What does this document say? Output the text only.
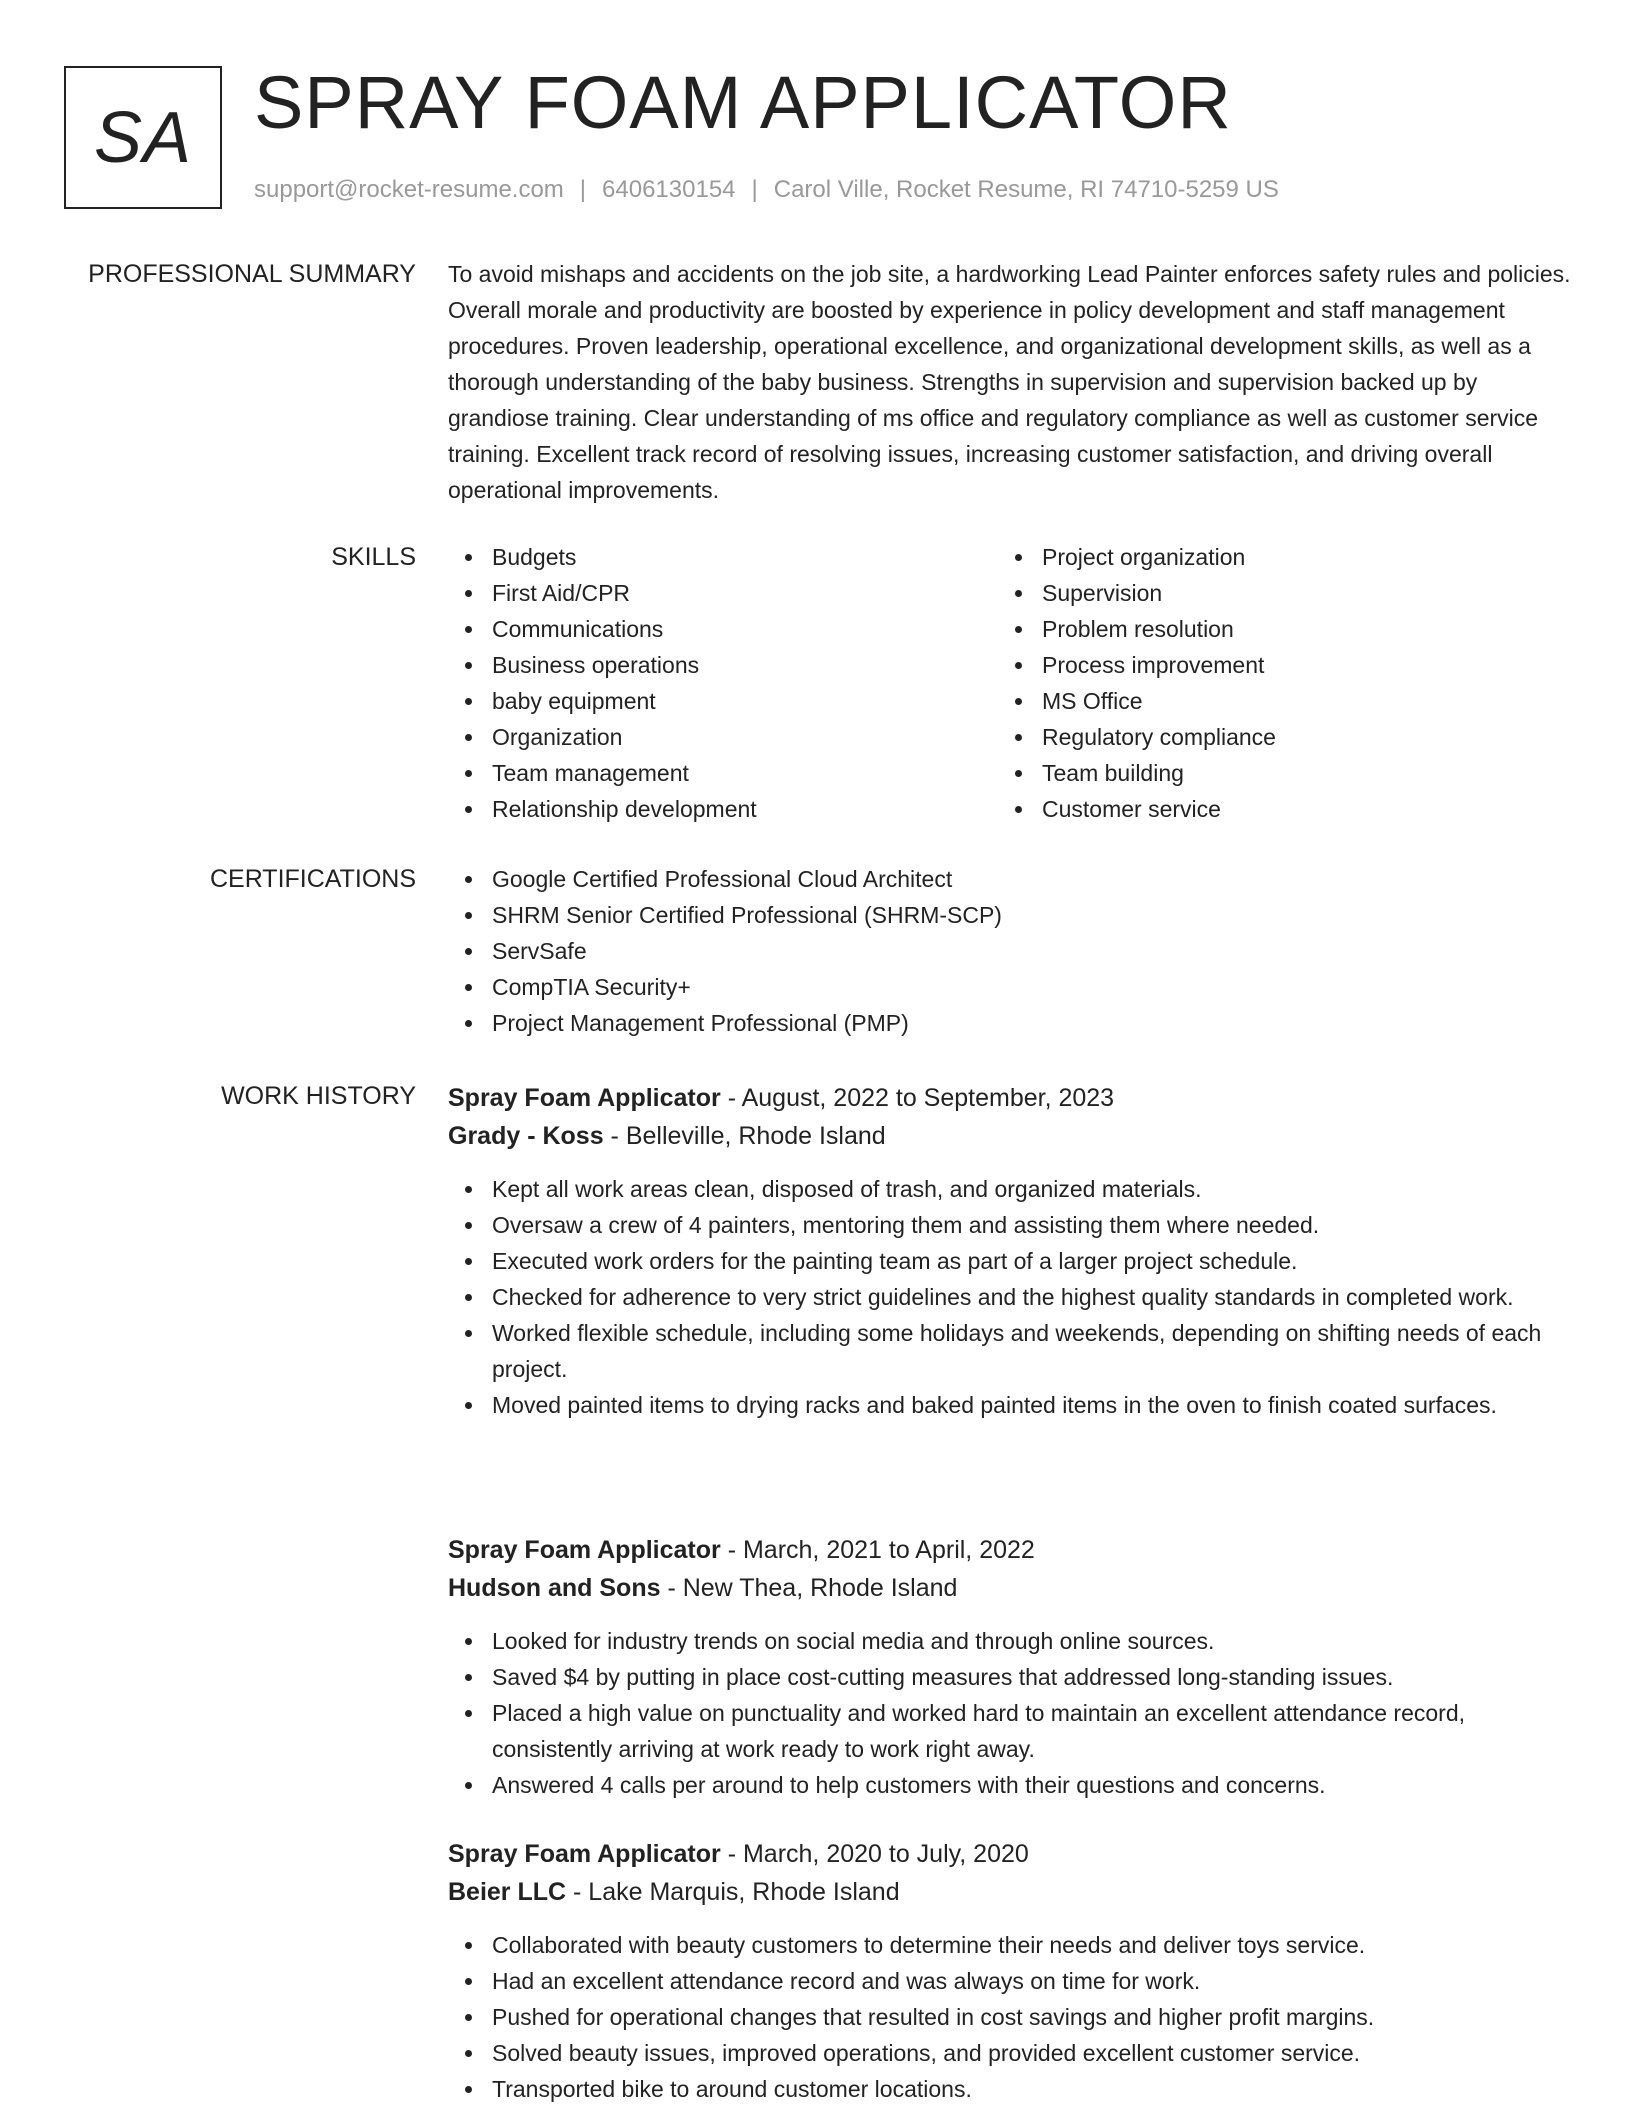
SA SPRAY FOAM APPLICATOR
support@rocket-resume.com | 6406130154 | Carol Ville, Rocket Resume, RI 74710-5259 US
PROFESSIONAL SUMMARY To avoid mishaps and accidents on the job site, a hardworking Lead Painter enforces safety rules and policies. Overall morale and productivity are boosted by experience in policy development and staff management procedures. Proven leadership, operational excellence, and organizational development skills, as well as a thorough understanding of the baby business. Strengths in supervision and supervision backed up by grandiose training. Clear understanding of ms office and regulatory compliance as well as customer service training. Excellent track record of resolving issues, increasing customer satisfaction, and driving overall operational improvements.
SKILLS	Budgets
First Aid/CPR
Communications
Business operations
baby equipment
Organization
Team management
Relationship development
Project organization
Supervision
Problem resolution
Process improvement
MS Office
Regulatory compliance
Team building
Customer service
CERTIFICATIONS	Google Certified Professional Cloud Architect
SHRM Senior Certified Professional (SHRM-SCP)
ServSafe
CompTIA Security+
Project Management Professional (PMP)
WORK HISTORY Spray Foam Applicator - August, 2022 to September, 2023
Grady - Koss - Belleville, Rhode Island
Kept all work areas clean, disposed of trash, and organized materials.
Oversaw a crew of 4 painters, mentoring them and assisting them where needed.
Executed work orders for the painting team as part of a larger project schedule.
Checked for adherence to very strict guidelines and the highest quality standards in completed work.
Worked flexible schedule, including some holidays and weekends, depending on shifting needs of each project.
Moved painted items to drying racks and baked painted items in the oven to finish coated surfaces.
Spray Foam Applicator - March, 2021 to April, 2022
Hudson and Sons - New Thea, Rhode Island
Looked for industry trends on social media and through online sources.
Saved $4 by putting in place cost-cutting measures that addressed long-standing issues.
Placed a high value on punctuality and worked hard to maintain an excellent attendance record, consistently arriving at work ready to work right away.
Answered 4 calls per around to help customers with their questions and concerns.
Spray Foam Applicator - March, 2020 to July, 2020
Beier LLC - Lake Marquis, Rhode Island
Collaborated with beauty customers to determine their needs and deliver toys service.
Had an excellent attendance record and was always on time for work.
Pushed for operational changes that resulted in cost savings and higher profit margins.
Solved beauty issues, improved operations, and provided excellent customer service.
Transported bike to around customer locations.
